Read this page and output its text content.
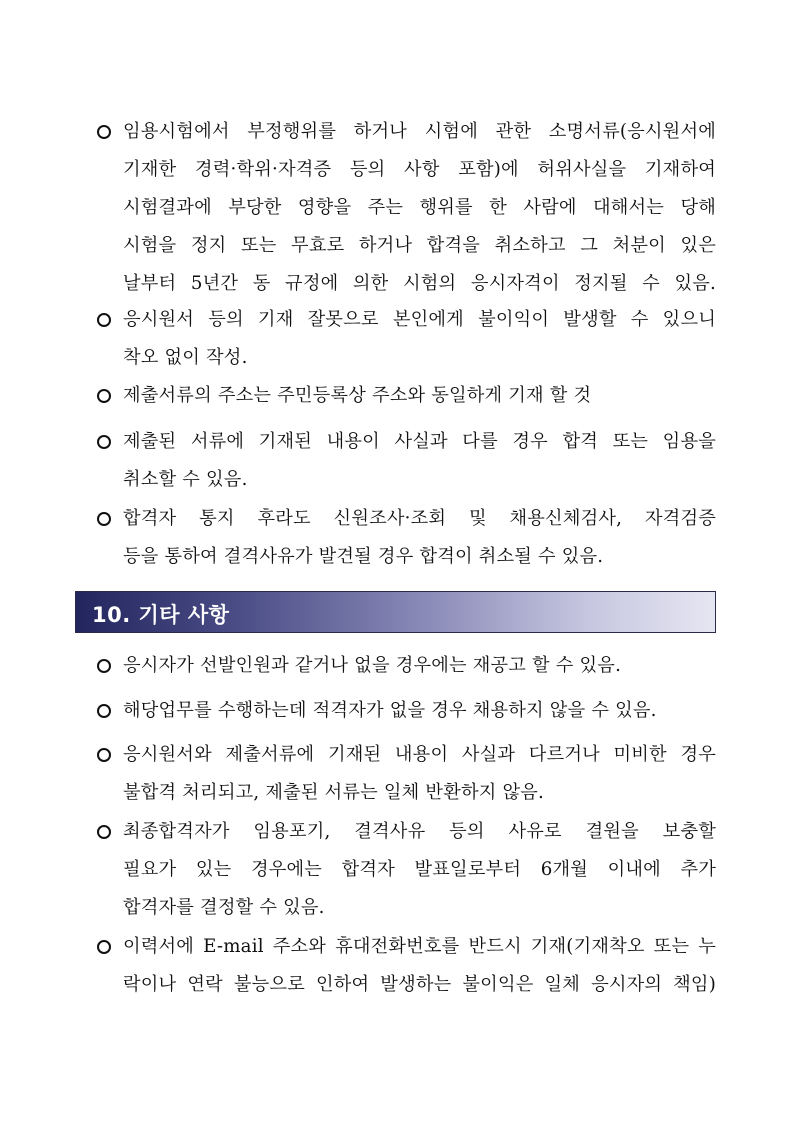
임용시험에서 부정행위를 하거나 시험에 관한 소명서류(응시원서에
기재한 경력·학위·자격증 등의 사항 포함)에 허위사실을 기재하여
시험결과에 부당한 영향을 주는 행위를 한 사람에 대해서는 당해
시험을 정지 또는 무효로 하거나 합격을 취소하고 그 처분이 있은
날부터 5년간 동 규정에 의한 시험의 응시자격이 정지될 수 있음.
응시원서 등의 기재 잘못으로 본인에게 불이익이 발생할 수 있으니
착오 없이 작성.
제출서류의 주소는 주민등록상 주소와 동일하게 기재 할 것
제출된 서류에 기재된 내용이 사실과 다를 경우 합격 또는 임용을
취소할 수 있음.
합격자 통지 후라도 신원조사·조회 및 채용신체검사, 자격검증
등을 통하여 결격사유가 발견될 경우 합격이 취소될 수 있음.
10. 기타 사항
응시자가 선발인원과 같거나 없을 경우에는 재공고 할 수 있음.
해당업무를 수행하는데 적격자가 없을 경우 채용하지 않을 수 있음.
응시원서와 제출서류에 기재된 내용이 사실과 다르거나 미비한 경우
불합격 처리되고, 제출된 서류는 일체 반환하지 않음.
최종합격자가 임용포기, 결격사유 등의 사유로 결원을 보충할
필요가 있는 경우에는 합격자 발표일로부터 6개월 이내에 추가
합격자를 결정할 수 있음.
이력서에 E-mail 주소와 휴대전화번호를 반드시 기재(기재착오 또는 누
락이나 연락 불능으로 인하여 발생하는 불이익은 일체 응시자의 책임)
